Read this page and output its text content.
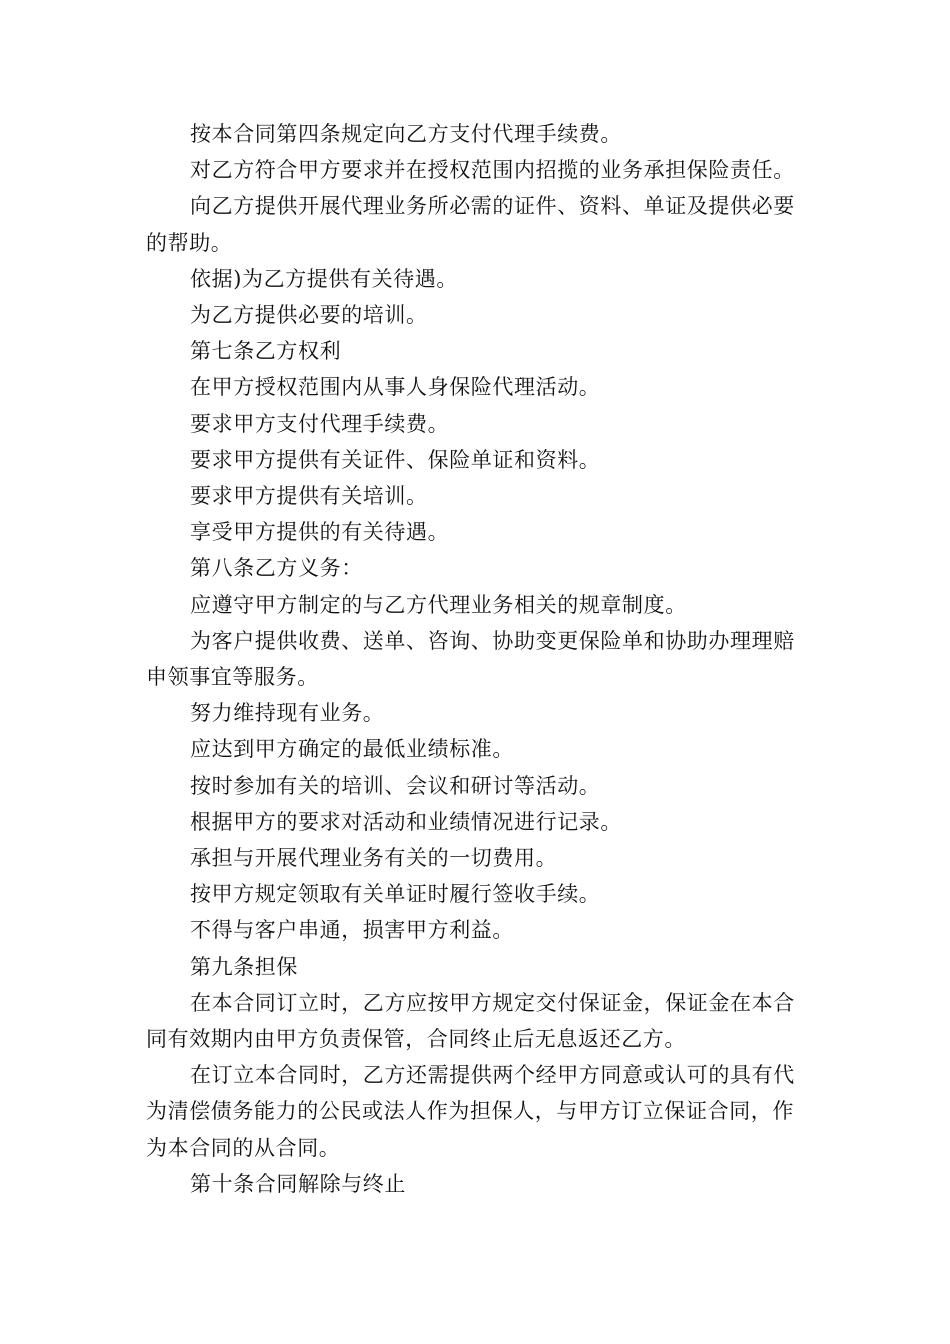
按本合同第四条规定向乙方支付代理手续费。

对乙方符合甲方要求并在授权范围内招揽的业务承担保险责任。

向乙方提供开展代理业务所必需的证件、资料、单证及提供必要的帮助。

依据)为乙方提供有关待遇。

为乙方提供必要的培训。

第七条乙方权利

在甲方授权范围内从事人身保险代理活动。

要求甲方支付代理手续费。

要求甲方提供有关证件、保险单证和资料。

要求甲方提供有关培训。

享受甲方提供的有关待遇。

第八条乙方义务：

应遵守甲方制定的与乙方代理业务相关的规章制度。

为客户提供收费、送单、咨询、协助变更保险单和协助办理理赔申领事宜等服务。

努力维持现有业务。

应达到甲方确定的最低业绩标准。

按时参加有关的培训、会议和研讨等活动。

根据甲方的要求对活动和业绩情况进行记录。

承担与开展代理业务有关的一切费用。

按甲方规定领取有关单证时履行签收手续。

不得与客户串通，损害甲方利益。

第九条担保

在本合同订立时，乙方应按甲方规定交付保证金，保证金在本合同有效期内由甲方负责保管，合同终止后无息返还乙方。

在订立本合同时，乙方还需提供两个经甲方同意或认可的具有代为清偿债务能力的公民或法人作为担保人，与甲方订立保证合同，作为本合同的从合同。

第十条合同解除与终止
